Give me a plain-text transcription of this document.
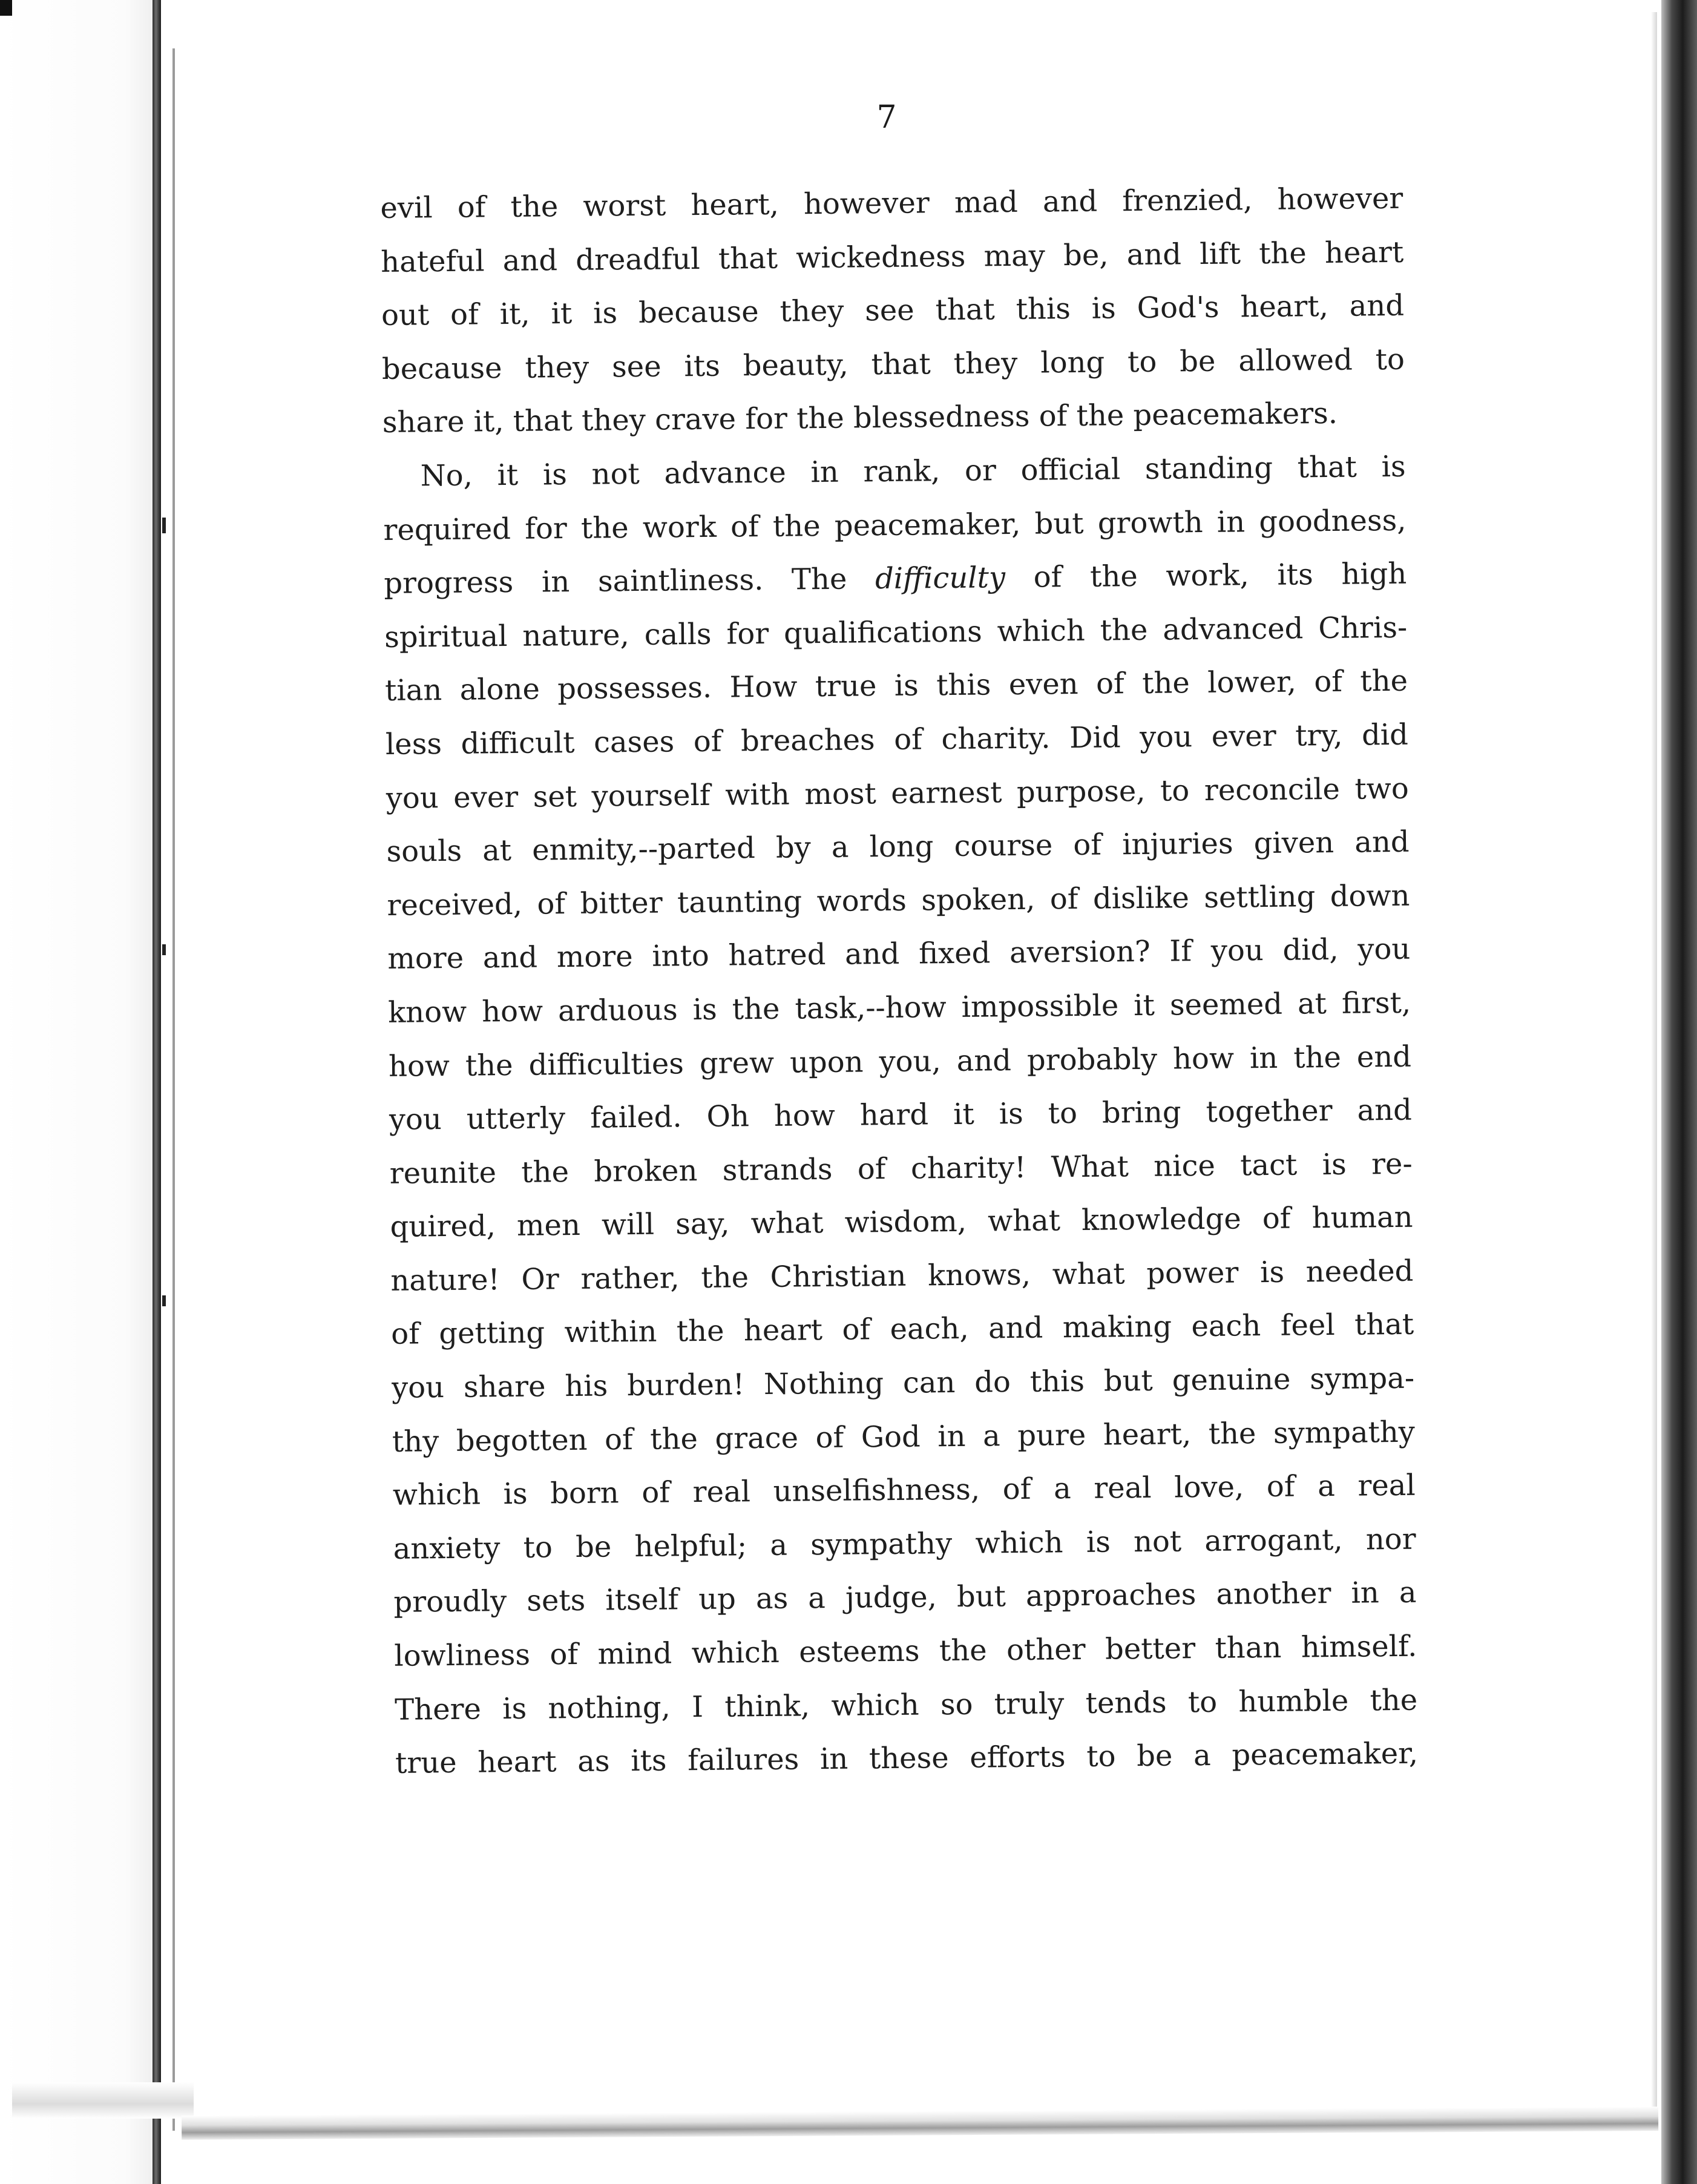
7
evil of the worst heart, however mad and frenzied, however
hateful and dreadful that wickedness may be, and lift the heart
out of it, it is because they see that this is God's heart, and
because they see its beauty, that they long to be allowed to
share it, that they crave for the blessedness of the peacemakers.
No, it is not advance in rank, or official standing that is
required for the work of the peacemaker, but growth in goodness,
progress in saintliness. The difficulty of the work, its high
spiritual nature, calls for qualifications which the advanced Chris-
tian alone possesses. How true is this even of the lower, of the
less difficult cases of breaches of charity. Did you ever try, did
you ever set yourself with most earnest purpose, to reconcile two
souls at enmity,--parted by a long course of injuries given and
received, of bitter taunting words spoken, of dislike settling down
more and more into hatred and fixed aversion? If you did, you
know how arduous is the task,--how impossible it seemed at first,
how the difficulties grew upon you, and probably how in the end
you utterly failed. Oh how hard it is to bring together and
reunite the broken strands of charity! What nice tact is re-
quired, men will say, what wisdom, what knowledge of human
nature! Or rather, the Christian knows, what power is needed
of getting within the heart of each, and making each feel that
you share his burden! Nothing can do this but genuine sympa-
thy begotten of the grace of God in a pure heart, the sympathy
which is born of real unselfishness, of a real love, of a real
anxiety to be helpful; a sympathy which is not arrogant, nor
proudly sets itself up as a judge, but approaches another in a
lowliness of mind which esteems the other better than himself.
There is nothing, I think, which so truly tends to humble the
true heart as its failures in these efforts to be a peacemaker,
